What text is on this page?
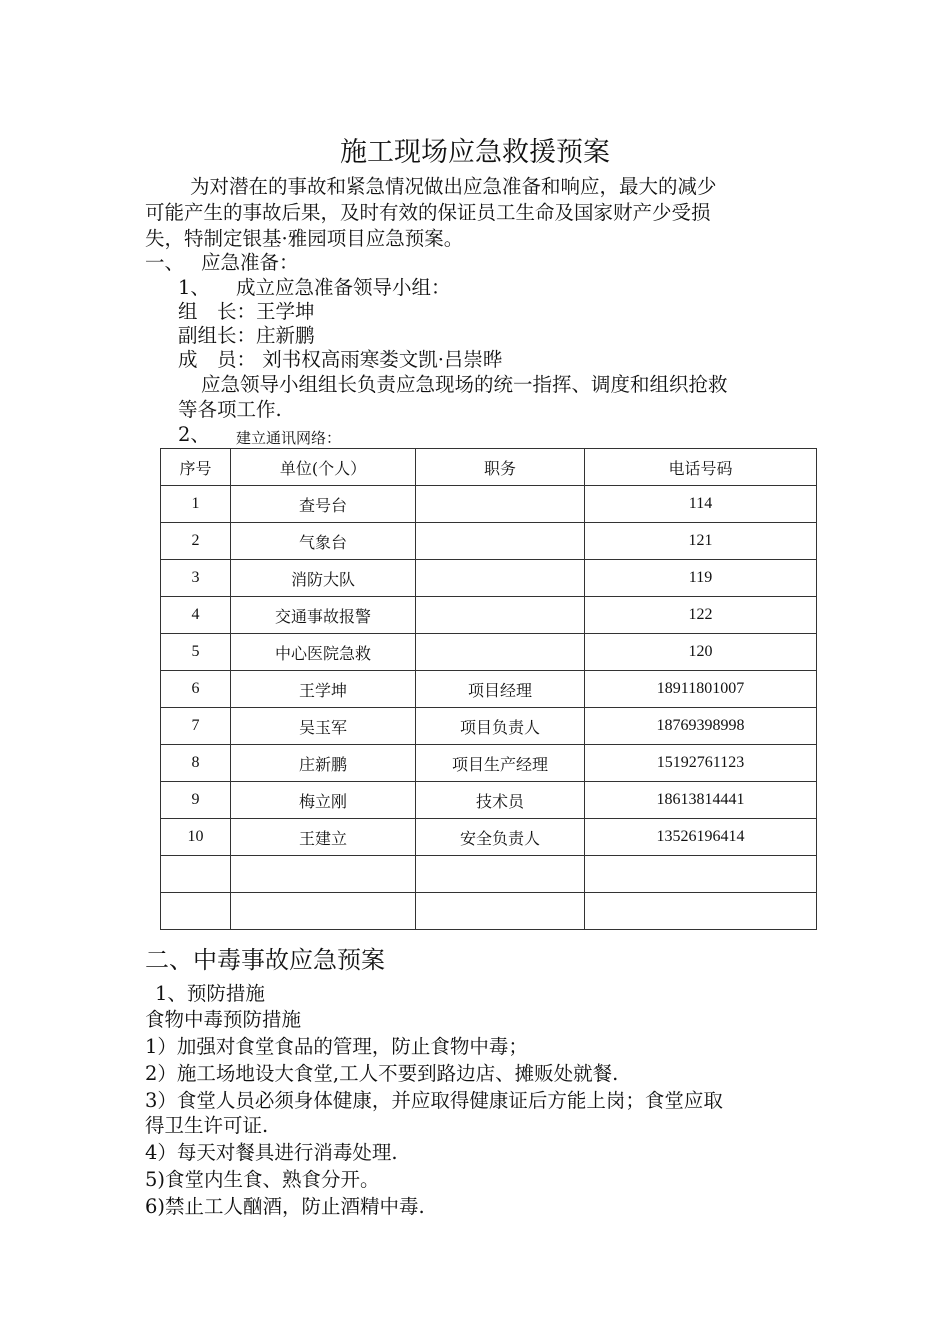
施工现场应急救援预案
为对潜在的事故和紧急情况做出应急准备和响应，最大的减少
可能产生的事故后果，及时有效的保证员工生命及国家财产少受损
失，特制定银基·雅园项目应急预案。
一、 应急准备：
1、 成立应急准备领导小组：
组　长：王学坤
副组长：庄新鹏
成　员： 刘书权高雨寒娄文凯·吕崇晔
应急领导小组组长负责应急现场的统一指挥、调度和组织抢救
等各项工作.
2、 建立通讯网络：
序号	单位(个人）	职务	电话号码
1	查号台		114
2	气象台		121
3	消防大队		119
4	交通事故报警		122
5	中心医院急救		120
6	王学坤	项目经理	18911801007
7	吴玉军	项目负责人	18769398998
8	庄新鹏	项目生产经理	15192761123
9	梅立刚	技术员	18613814441
10	王建立	安全负责人	13526196414

二、中毒事故应急预案
1、预防措施
食物中毒预防措施
1）加强对食堂食品的管理，防止食物中毒；
2）施工场地设大食堂,工人不要到路边店、摊贩处就餐.
3）食堂人员必须身体健康，并应取得健康证后方能上岗；食堂应取
得卫生许可证.
4）每天对餐具进行消毒处理.
5)食堂内生食、熟食分开。
6)禁止工人酗酒，防止酒精中毒.
